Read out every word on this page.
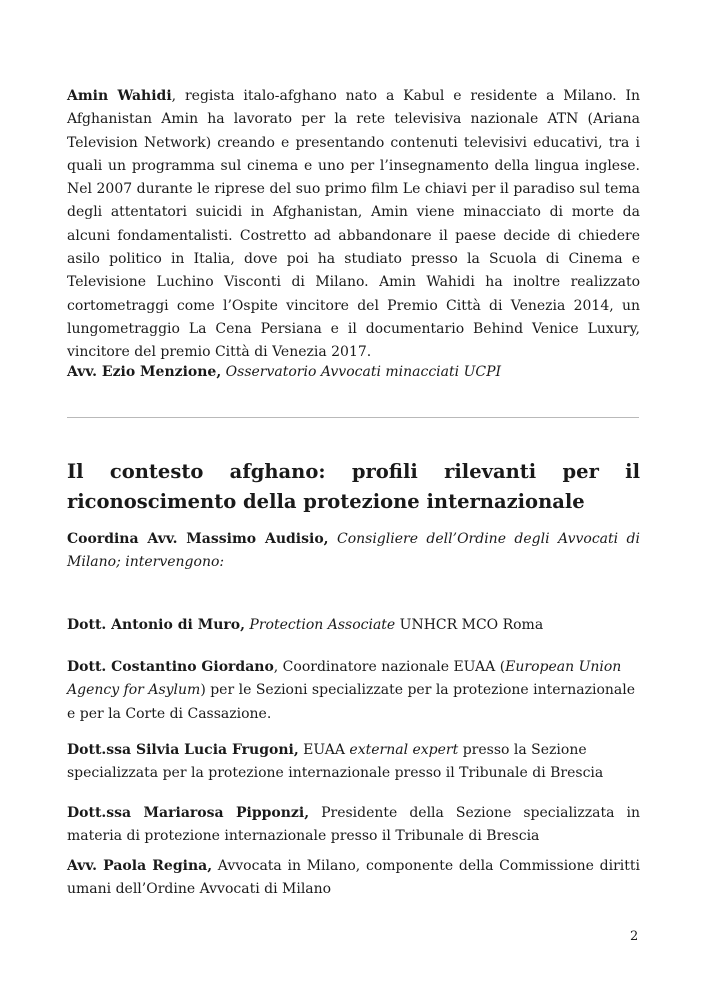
Amin Wahidi, regista italo-afghano nato a Kabul e residente a Milano. In Afghanistan Amin ha lavorato per la rete televisiva nazionale ATN (Ariana Television Network) creando e presentando contenuti televisivi educativi, tra i quali un programma sul cinema e uno per l’insegnamento della lingua inglese. Nel 2007 durante le riprese del suo primo film Le chiavi per il paradiso sul tema degli attentatori suicidi in Afghanistan, Amin viene minacciato di morte da alcuni fondamentalisti. Costretto ad abbandonare il paese decide di chiedere asilo politico in Italia, dove poi ha studiato presso la Scuola di Cinema e Televisione Luchino Visconti di Milano. Amin Wahidi ha inoltre realizzato cortometraggi come l’Ospite vincitore del Premio Città di Venezia 2014, un lungometraggio La Cena Persiana e il documentario Behind Venice Luxury, vincitore del premio Città di Venezia 2017.

Avv. Ezio Menzione, Osservatorio Avvocati minacciati UCPI

Il contesto afghano: profili rilevanti per il riconoscimento della protezione internazionale

Coordina Avv. Massimo Audisio, Consigliere dell’Ordine degli Avvocati di Milano; intervengono:

Dott. Antonio di Muro, Protection Associate UNHCR MCO Roma

Dott. Costantino Giordano, Coordinatore nazionale EUAA (European Union Agency for Asylum) per le Sezioni specializzate per la protezione internazionale e per la Corte di Cassazione.

Dott.ssa Silvia Lucia Frugoni, EUAA external expert presso la Sezione specializzata per la protezione internazionale presso il Tribunale di Brescia

Dott.ssa Mariarosa Pipponzi, Presidente della Sezione specializzata in materia di protezione internazionale presso il Tribunale di Brescia

Avv. Paola Regina, Avvocata in Milano, componente della Commissione diritti umani dell’Ordine Avvocati di Milano

2
